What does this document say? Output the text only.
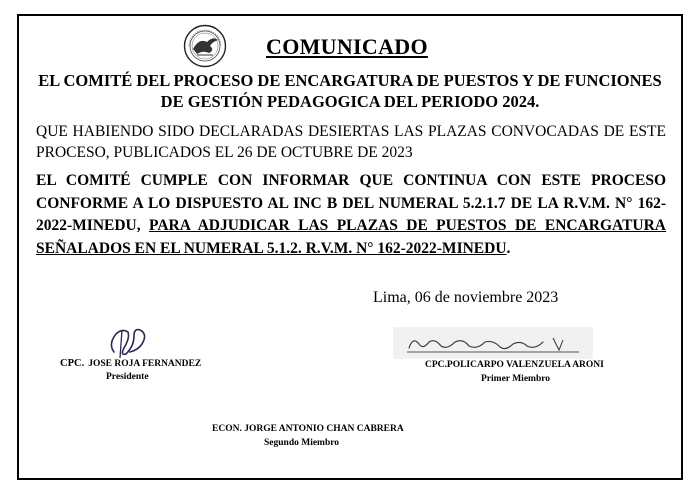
COMUNICADO
EL COMITÉ DEL PROCESO DE ENCARGATURA DE PUESTOS Y DE FUNCIONES DE GESTIÓN PEDAGOGICA DEL PERIODO 2024.
QUE HABIENDO SIDO DECLARADAS DESIERTAS LAS PLAZAS CONVOCADAS DE ESTE PROCESO, PUBLICADOS EL 26 DE OCTUBRE DE 2023
EL COMITÉ CUMPLE CON INFORMAR QUE CONTINUA CON ESTE PROCESO CONFORME A LO DISPUESTO AL INC B DEL NUMERAL 5.2.1.7 DE LA R.V.M. N° 162-2022-MINEDU, PARA ADJUDICAR LAS PLAZAS DE PUESTOS DE ENCARGATURA SEÑALADOS EN EL NUMERAL 5.1.2. R.V.M. N° 162-2022-MINEDU.
Lima, 06 de noviembre 2023
CPC. JOSE ROJA FERNANDEZ
Presidente
CPC.POLICARPO VALENZUELA ARONI
Primer Miembro
ECON. JORGE ANTONIO CHAN CABRERA
Segundo Miembro
